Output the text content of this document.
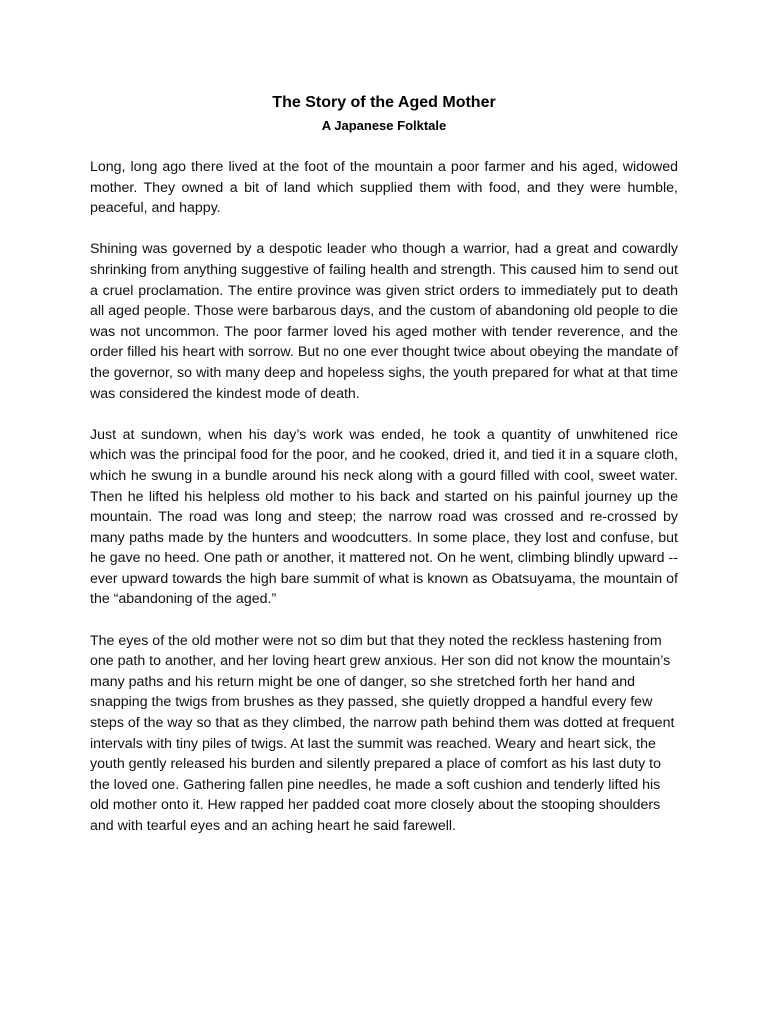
The Story of the Aged Mother
A Japanese Folktale

Long, long ago there lived at the foot of the mountain a poor farmer and his aged, widowed mother. They owned a bit of land which supplied them with food, and they were humble, peaceful, and happy.

Shining was governed by a despotic leader who though a warrior, had a great and cowardly shrinking from anything suggestive of failing health and strength. This caused him to send out a cruel proclamation. The entire province was given strict orders to immediately put to death all aged people. Those were barbarous days, and the custom of abandoning old people to die was not uncommon. The poor farmer loved his aged mother with tender reverence, and the order filled his heart with sorrow. But no one ever thought twice about obeying the mandate of the governor, so with many deep and hopeless sighs, the youth prepared for what at that time was considered the kindest mode of death.

Just at sundown, when his day’s work was ended, he took a quantity of unwhitened rice which was the principal food for the poor, and he cooked, dried it, and tied it in a square cloth, which he swung in a bundle around his neck along with a gourd filled with cool, sweet water. Then he lifted his helpless old mother to his back and started on his painful journey up the mountain. The road was long and steep; the narrow road was crossed and re-crossed by many paths made by the hunters and woodcutters. In some place, they lost and confuse, but he gave no heed. One path or another, it mattered not. On he went, climbing blindly upward -- ever upward towards the high bare summit of what is known as Obatsuyama, the mountain of the “abandoning of the aged.”

The eyes of the old mother were not so dim but that they noted the reckless hastening from one path to another, and her loving heart grew anxious. Her son did not know the mountain’s many paths and his return might be one of danger, so she stretched forth her hand and snapping the twigs from brushes as they passed, she quietly dropped a handful every few steps of the way so that as they climbed, the narrow path behind them was dotted at frequent intervals with tiny piles of twigs. At last the summit was reached. Weary and heart sick, the youth gently released his burden and silently prepared a place of comfort as his last duty to the loved one. Gathering fallen pine needles, he made a soft cushion and tenderly lifted his old mother onto it. Hew rapped her padded coat more closely about the stooping shoulders and with tearful eyes and an aching heart he said farewell.
